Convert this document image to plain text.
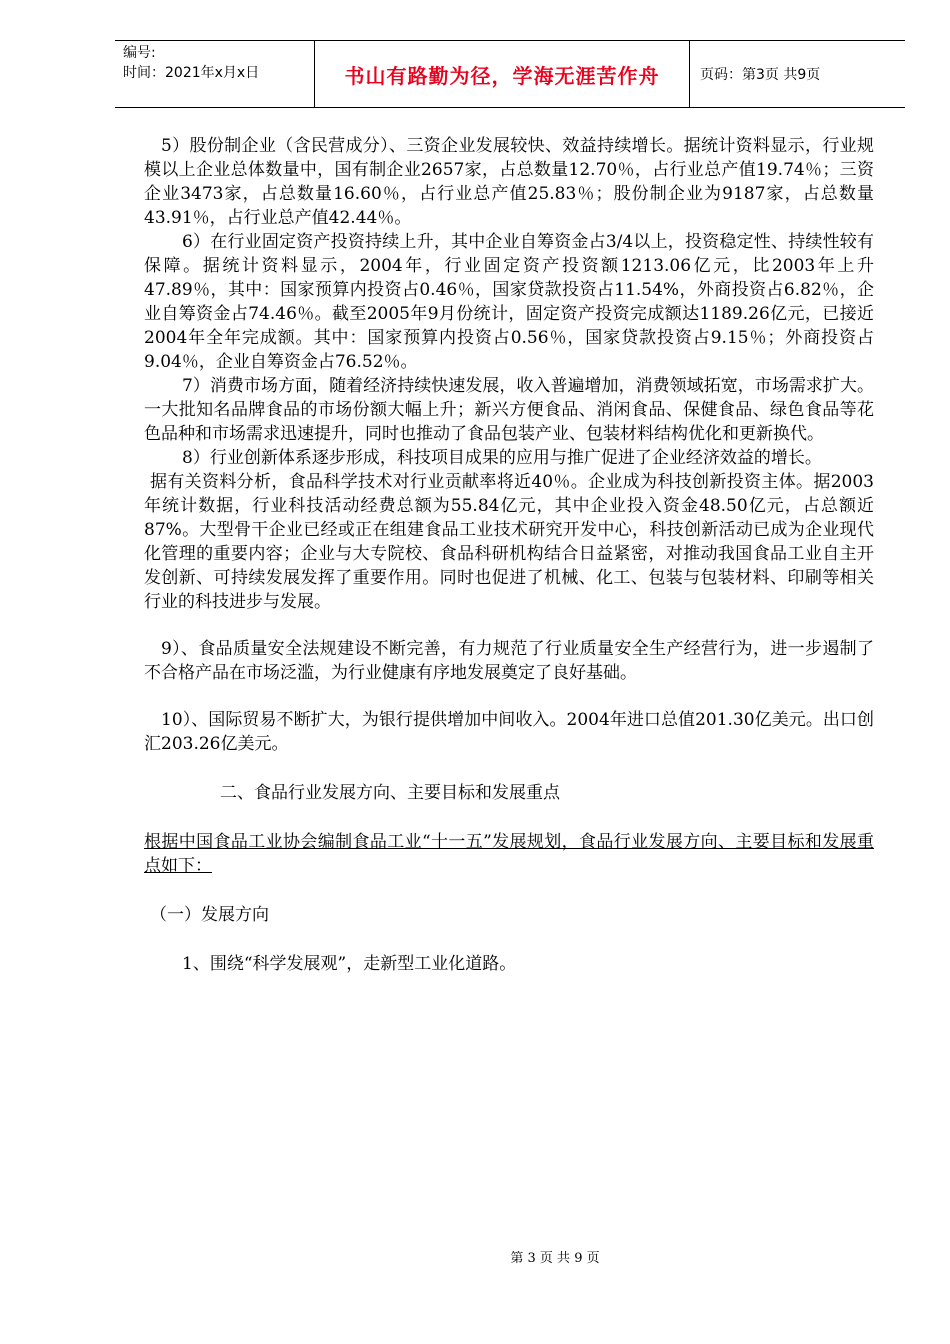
编号:
时间：2021年x月x日	书山有路勤为径，学海无涯苦作舟	页码：第3页 共9页

5）股份制企业（含民营成分）、三资企业发展较快、效益持续增长。据统计资料显示，行业规模以上企业总体数量中，国有制企业2657家，占总数量12.70％，占行业总产值19.74％；三资企业3473家，占总数量16.60％，占行业总产值25.83％；股份制企业为9187家，占总数量43.91％，占行业总产值42.44％。

6）在行业固定资产投资持续上升，其中企业自筹资金占3/4以上，投资稳定性、持续性较有保障。据统计资料显示，2004年，行业固定资产投资额1213.06亿元，比2003年上升47.89％，其中：国家预算内投资占0.46％，国家贷款投资占11.54%，外商投资占6.82％，企业自筹资金占74.46％。截至2005年9月份统计，固定资产投资完成额达1189.26亿元，已接近2004年全年完成额。其中：国家预算内投资占0.56％，国家贷款投资占9.15％；外商投资占9.04％，企业自筹资金占76.52％。

7）消费市场方面，随着经济持续快速发展，收入普遍增加，消费领域拓宽，市场需求扩大。一大批知名品牌食品的市场份额大幅上升；新兴方便食品、消闲食品、保健食品、绿色食品等花色品种和市场需求迅速提升，同时也推动了食品包装产业、包装材料结构优化和更新换代。

8）行业创新体系逐步形成，科技项目成果的应用与推广促进了企业经济效益的增长。

据有关资料分析，食品科学技术对行业贡献率将近40％。企业成为科技创新投资主体。据2003年统计数据，行业科技活动经费总额为55.84亿元，其中企业投入资金48.50亿元，占总额近87%。大型骨干企业已经或正在组建食品工业技术研究开发中心，科技创新活动已成为企业现代化管理的重要内容；企业与大专院校、食品科研机构结合日益紧密，对推动我国食品工业自主开发创新、可持续发展发挥了重要作用。同时也促进了机械、化工、包装与包装材料、印刷等相关行业的科技进步与发展。

9）、食品质量安全法规建设不断完善，有力规范了行业质量安全生产经营行为，进一步遏制了不合格产品在市场泛滥，为行业健康有序地发展奠定了良好基础。

10）、国际贸易不断扩大，为银行提供增加中间收入。2004年进口总值201.30亿美元。出口创汇203.26亿美元。

二、食品行业发展方向、主要目标和发展重点

根据中国食品工业协会编制食品工业“十一五”发展规划，食品行业发展方向、主要目标和发展重点如下：

（一）发展方向

1、围绕“科学发展观”，走新型工业化道路。

第 3 页 共 9 页
